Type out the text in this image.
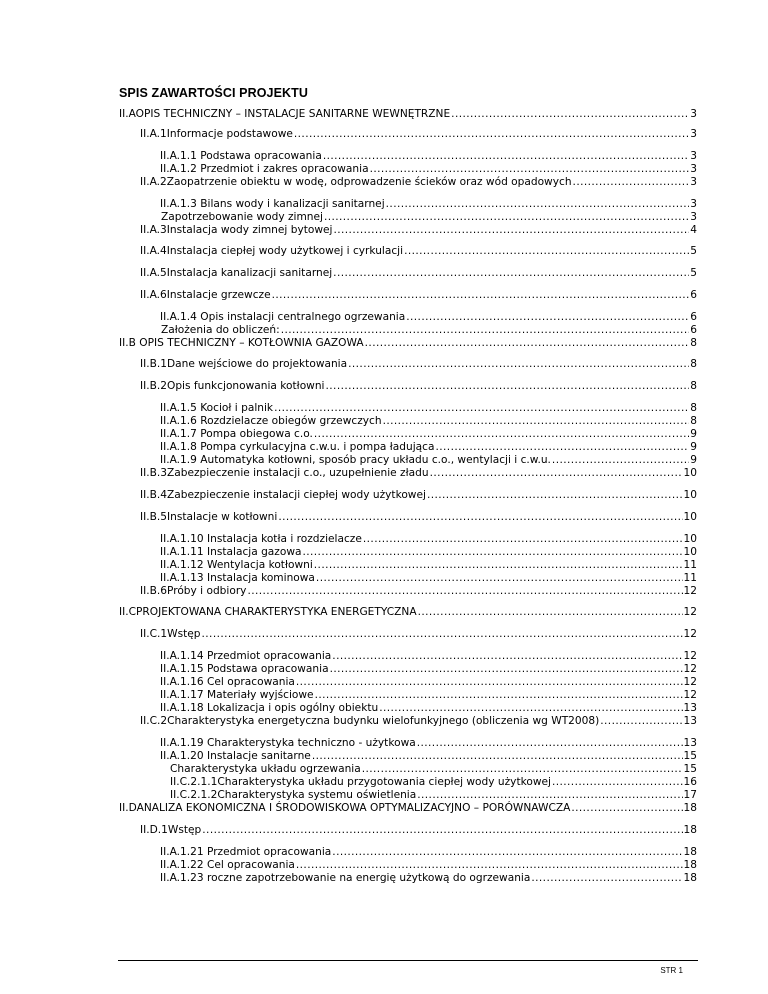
SPIS ZAWARTOŚCI PROJEKTU
II.AOPIS TECHNICZNY – INSTALACJE SANITARNE WEWNĘTRZNE .....	3
II.A.1Informacje podstawowe .....	3
II.A.1.1 Podstawa opracowania .....	3
II.A.1.2 Przedmiot i zakres opracowania .....	3
II.A.2Zaopatrzenie obiektu w wodę, odprowadzenie ścieków oraz wód opadowych .....	3
II.A.1.3 Bilans wody i kanalizacji sanitarnej .....	3
Zapotrzebowanie wody zimnej .....	3
II.A.3Instalacja wody zimnej bytowej .....	4
II.A.4Instalacja ciepłej wody użytkowej i cyrkulacji .....	5
II.A.5Instalacja kanalizacji sanitarnej .....	5
II.A.6Instalacje grzewcze .....	6
II.A.1.4 Opis instalacji centralnego ogrzewania .....	6
Założenia do obliczeń: .....	6
II.B OPIS TECHNICZNY – KOTŁOWNIA GAZOWA .....	8
II.B.1Dane wejściowe do projektowania .....	8
II.B.2Opis funkcjonowania kotłowni .....	8
II.A.1.5 Kocioł i palnik .....	8
II.A.1.6 Rozdzielacze obiegów grzewczych .....	8
II.A.1.7 Pompa obiegowa c.o. .....	9
II.A.1.8 Pompa cyrkulacyjna c.w.u. i pompa ładująca .....	9
II.A.1.9 Automatyka kotłowni, sposób pracy układu c.o., wentylacji i c.w.u. .....	9
II.B.3Zabezpieczenie instalacji c.o., uzupełnienie zładu .....	10
II.B.4Zabezpieczenie instalacji ciepłej wody użytkowej .....	10
II.B.5Instalacje w kotłowni .....	10
II.A.1.10 Instalacja kotła i rozdzielacze .....	10
II.A.1.11 Instalacja gazowa .....	10
II.A.1.12 Wentylacja kotłowni .....	11
II.A.1.13 Instalacja kominowa .....	11
II.B.6Próby i odbiory .....	12
II.CPROJEKTOWANA CHARAKTERYSTYKA ENERGETYCZNA .....	12
II.C.1Wstęp .....	12
II.A.1.14 Przedmiot opracowania .....	12
II.A.1.15 Podstawa opracowania .....	12
II.A.1.16 Cel opracowania .....	12
II.A.1.17 Materiały wyjściowe .....	12
II.A.1.18 Lokalizacja i opis ogólny obiektu .....	13
II.C.2Charakterystyka energetyczna budynku wielofunkyjnego (obliczenia wg WT2008) .....	13
II.A.1.19 Charakterystyka techniczno - użytkowa .....	13
II.A.1.20 Instalacje sanitarne .....	15
Charakterystyka układu ogrzewania .....	15
II.C.2.1.1Charakterystyka układu przygotowania ciepłej wody użytkowej .....	16
II.C.2.1.2Charakterystyka systemu oświetlenia .....	17
II.DANALIZA EKONOMICZNA I ŚRODOWISKOWA OPTYMALIZACYJNO – PORÓWNAWCZA .....	18
II.D.1Wstęp .....	18
II.A.1.21 Przedmiot opracowania .....	18
II.A.1.22 Cel opracowania .....	18
II.A.1.23 roczne zapotrzebowanie na energię użytkową do ogrzewania .....	18
STR 1
